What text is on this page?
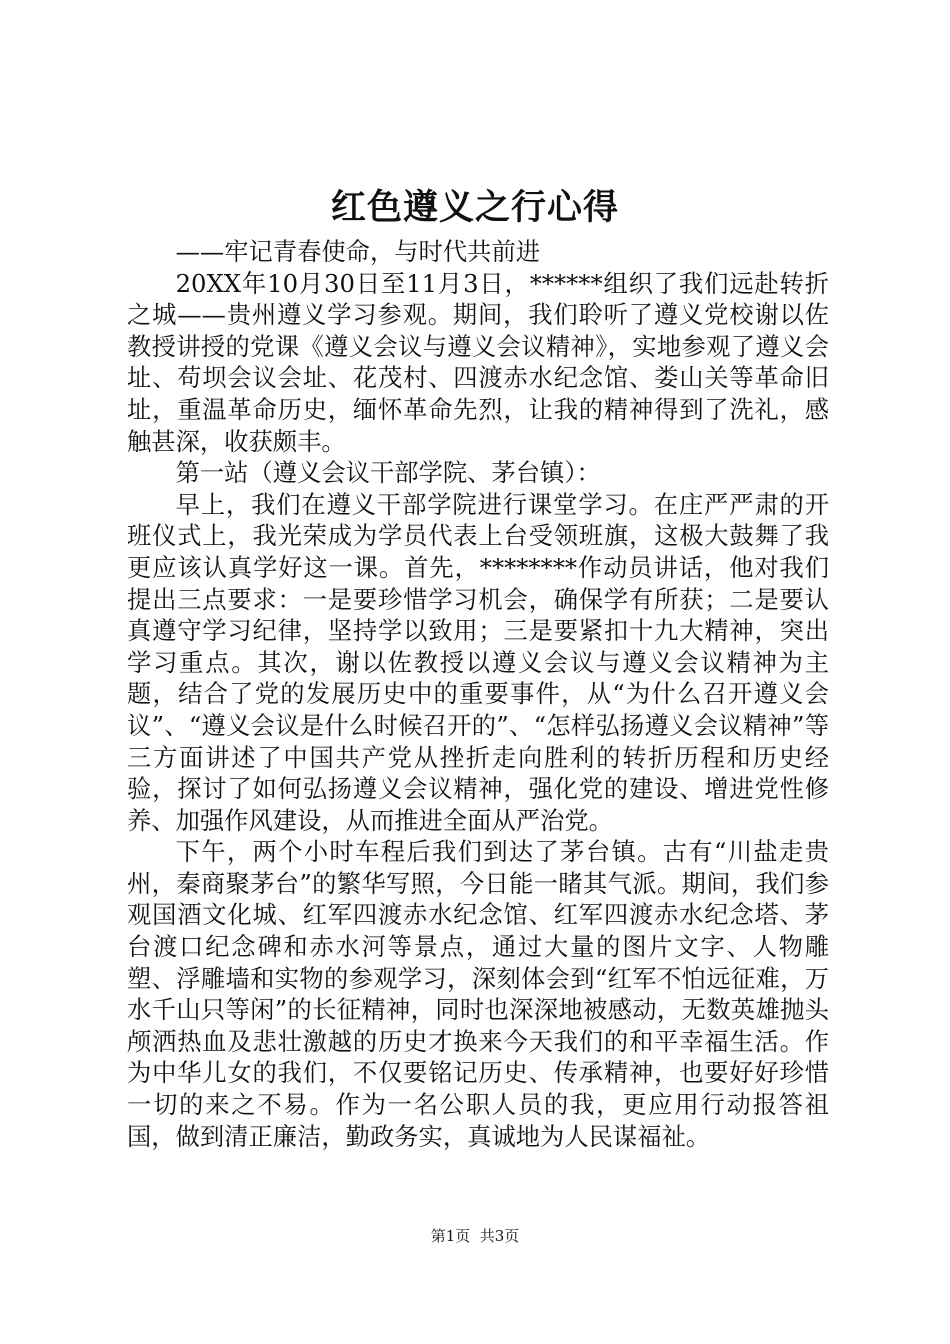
红色遵义之行心得

——牢记青春使命，与时代共前进

20XX年10月30日至11月3日，******组织了我们远赴转折之城——贵州遵义学习参观。期间，我们聆听了遵义党校谢以佐教授讲授的党课《遵义会议与遵义会议精神》，实地参观了遵义会址、苟坝会议会址、花茂村、四渡赤水纪念馆、娄山关等革命旧址，重温革命历史，缅怀革命先烈，让我的精神得到了洗礼，感触甚深，收获颇丰。

第一站（遵义会议干部学院、茅台镇）：

早上，我们在遵义干部学院进行课堂学习。在庄严严肃的开班仪式上，我光荣成为学员代表上台受领班旗，这极大鼓舞了我更应该认真学好这一课。首先，********作动员讲话，他对我们提出三点要求：一是要珍惜学习机会，确保学有所获；二是要认真遵守学习纪律，坚持学以致用；三是要紧扣十九大精神，突出学习重点。其次，谢以佐教授以遵义会议与遵义会议精神为主题，结合了党的发展历史中的重要事件，从“为什么召开遵义会议”、“遵义会议是什么时候召开的”、“怎样弘扬遵义会议精神”等三方面讲述了中国共产党从挫折走向胜利的转折历程和历史经验，探讨了如何弘扬遵义会议精神，强化党的建设、增进党性修养、加强作风建设，从而推进全面从严治党。

下午，两个小时车程后我们到达了茅台镇。古有“川盐走贵州，秦商聚茅台”的繁华写照，今日能一睹其气派。期间，我们参观国酒文化城、红军四渡赤水纪念馆、红军四渡赤水纪念塔、茅台渡口纪念碑和赤水河等景点，通过大量的图片文字、人物雕塑、浮雕墙和实物的参观学习，深刻体会到“红军不怕远征难，万水千山只等闲”的长征精神，同时也深深地被感动，无数英雄抛头颅洒热血及悲壮激越的历史才换来今天我们的和平幸福生活。作为中华儿女的我们，不仅要铭记历史、传承精神，也要好好珍惜一切的来之不易。作为一名公职人员的我，更应用行动报答祖国，做到清正廉洁，勤政务实，真诚地为人民谋福祉。

第1页  共3页
